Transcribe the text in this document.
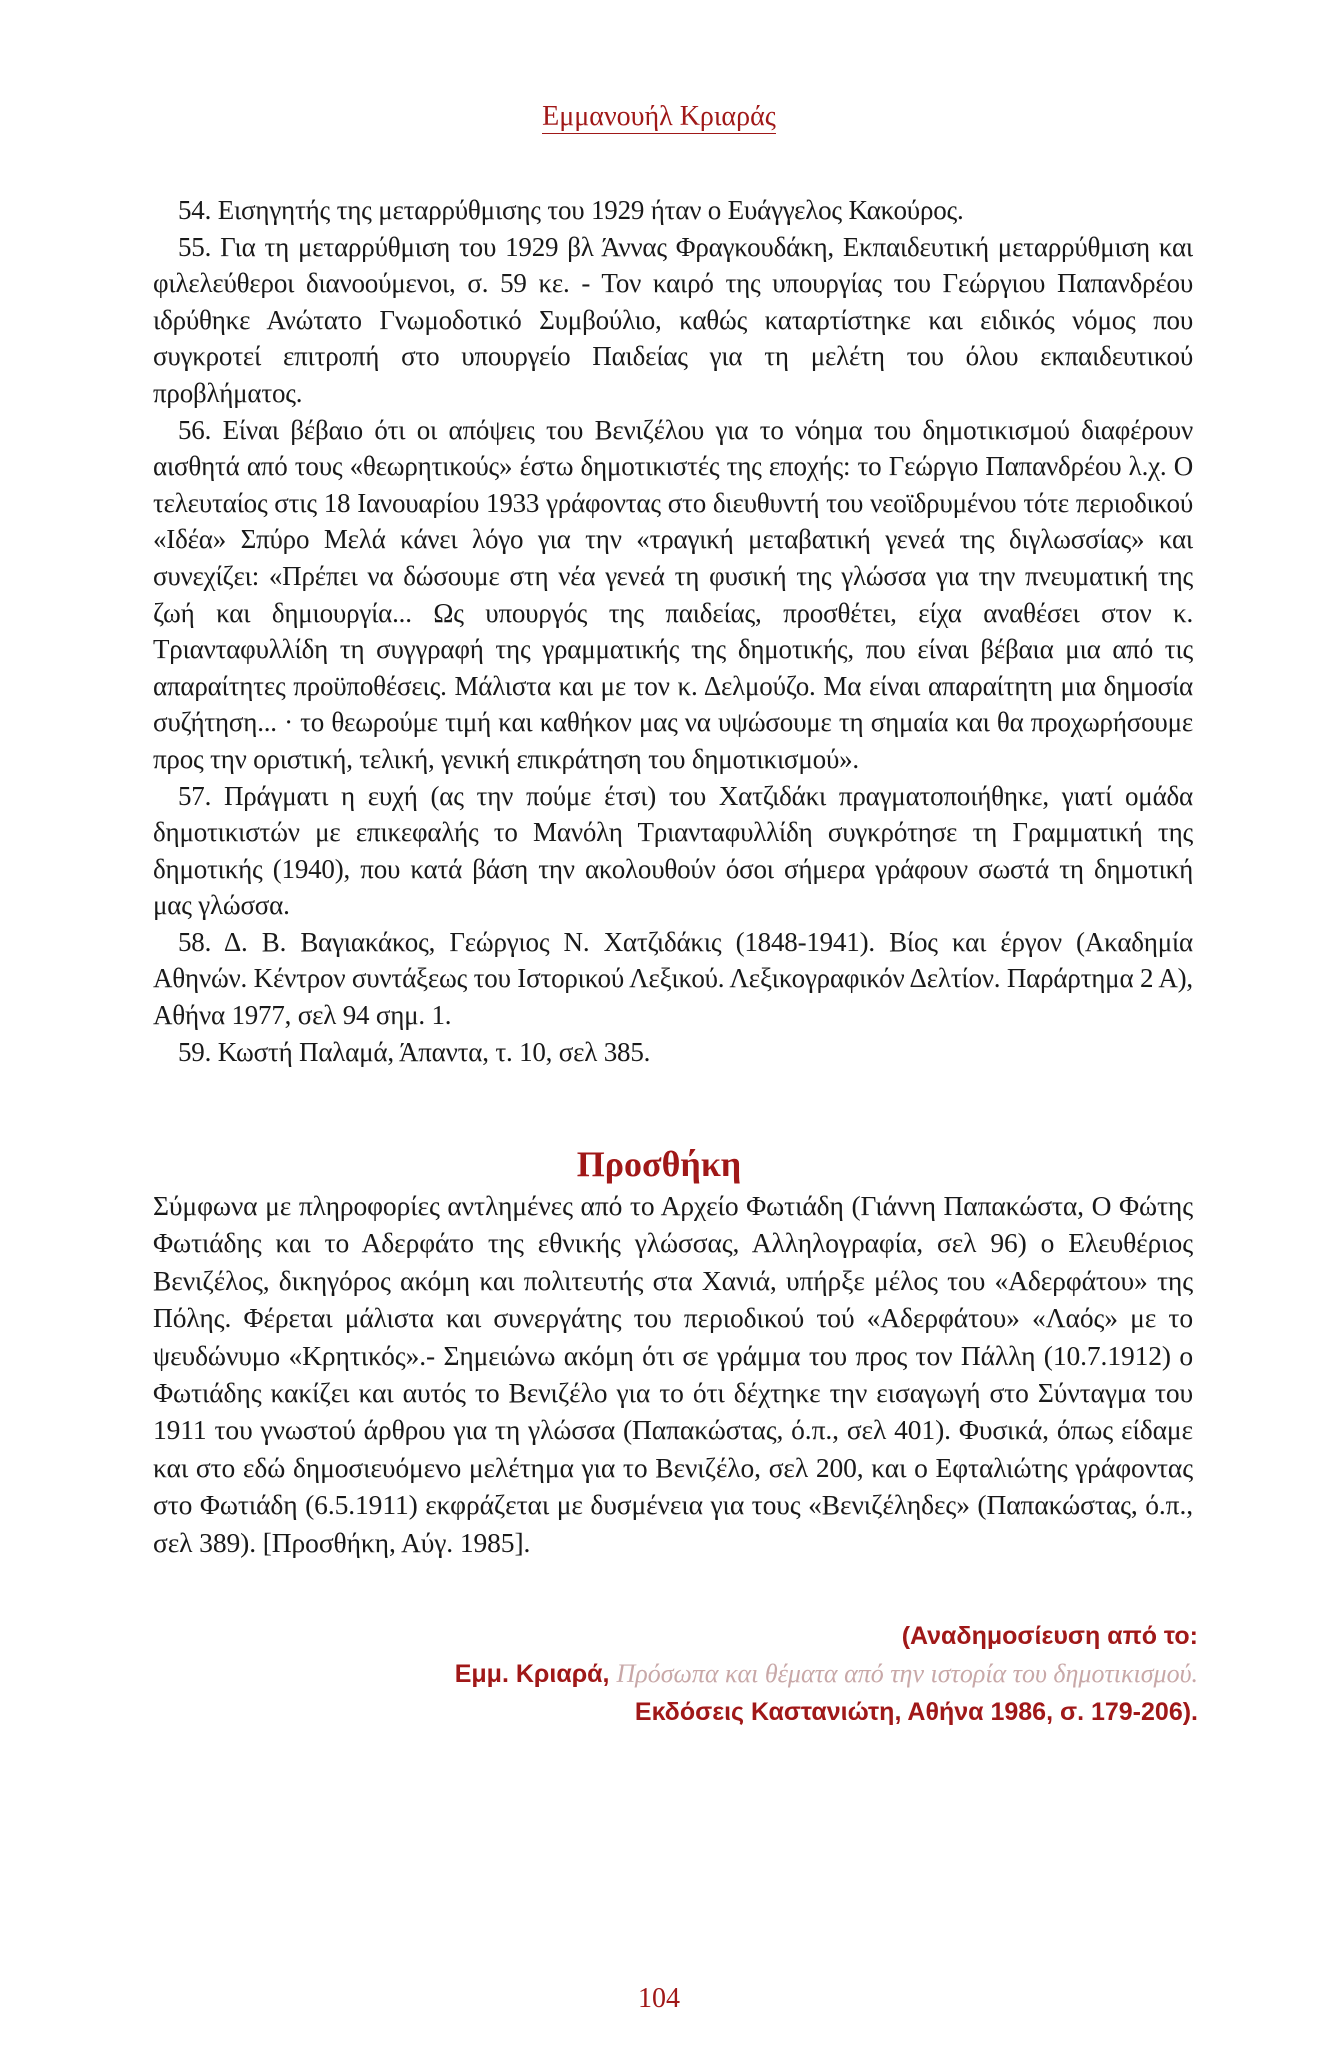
Εμμανουήλ Κριαράς

54. Εισηγητής της μεταρρύθμισης του 1929 ήταν ο Ευάγγελος Κακούρος.

55. Για τη μεταρρύθμιση του 1929 βλ Άννας Φραγκουδάκη, Εκπαιδευτική μεταρρύθμιση και φιλελεύθεροι διανοούμενοι, σ. 59 κε. - Τον καιρό της υπουργίας του Γεώργιου Παπανδρέου ιδρύθηκε Ανώτατο Γνωμοδοτικό Συμβούλιο, καθώς καταρτίστηκε και ειδικός νόμος που συγκροτεί επιτροπή στο υπουργείο Παιδείας για τη μελέτη του όλου εκπαιδευτικού προβλήματος.

56. Είναι βέβαιο ότι οι απόψεις του Βενιζέλου για το νόημα του δημοτικισμού διαφέρουν αισθητά από τους «θεωρητικούς» έστω δημοτικιστές της εποχής: το Γεώργιο Παπανδρέου λ.χ. Ο τελευταίος στις 18 Ιανουαρίου 1933 γράφοντας στο διευθυντή του νεοϊδρυμένου τότε περιοδικού «Ιδέα» Σπύρο Μελά κάνει λόγο για την «τραγική μεταβατική γενεά της διγλωσσίας» και συνεχίζει: «Πρέπει να δώσουμε στη νέα γενεά τη φυσική της γλώσσα για την πνευματική της ζωή και δημιουργία... Ως υπουργός της παιδείας, προσθέτει, είχα αναθέσει στον κ. Τριανταφυλλίδη τη συγγραφή της γραμματικής της δημοτικής, που είναι βέβαια μια από τις απαραίτητες προϋποθέσεις. Μάλιστα και με τον κ. Δελμούζο. Μα είναι απαραίτητη μια δημοσία συζήτηση... · το θεωρούμε τιμή και καθήκον μας να υψώσουμε τη σημαία και θα προχωρήσουμε προς την οριστική, τελική, γενική επικράτηση του δημοτικισμού».

57. Πράγματι η ευχή (ας την πούμε έτσι) του Χατζιδάκι πραγματοποιήθηκε, γιατί ομάδα δημοτικιστών με επικεφαλής το Μανόλη Τριανταφυλλίδη συγκρότησε τη Γραμματική της δημοτικής (1940), που κατά βάση την ακολουθούν όσοι σήμερα γράφουν σωστά τη δημοτική μας γλώσσα.

58. Δ. Β. Βαγιακάκος, Γεώργιος Ν. Χατζιδάκις (1848-1941). Βίος και έργον (Ακαδημία Αθηνών. Κέντρον συντάξεως του Ιστορικού Λεξικού. Λεξικογραφικόν Δελτίον. Παράρτημα 2 Α), Αθήνα 1977, σελ 94 σημ. 1.

59. Κωστή Παλαμά, Άπαντα, τ. 10, σελ 385.

Προσθήκη

Σύμφωνα με πληροφορίες αντλημένες από το Αρχείο Φωτιάδη (Γιάννη Παπακώστα, Ο Φώτης Φωτιάδης και το Αδερφάτο της εθνικής γλώσσας, Αλληλογραφία, σελ 96) ο Ελευθέριος Βενιζέλος, δικηγόρος ακόμη και πολιτευτής στα Χανιά, υπήρξε μέλος του «Αδερφάτου» της Πόλης. Φέρεται μάλιστα και συνεργάτης του περιοδικού τού «Αδερφάτου» «Λαός» με το ψευδώνυμο «Κρητικός».- Σημειώνω ακόμη ότι σε γράμμα του προς τον Πάλλη (10.7.1912) ο Φωτιάδης κακίζει και αυτός το Βενιζέλο για το ότι δέχτηκε την εισαγωγή στο Σύνταγμα του 1911 του γνωστού άρθρου για τη γλώσσα (Παπακώστας, ό.π., σελ 401). Φυσικά, όπως είδαμε και στο εδώ δημοσιευόμενο μελέτημα για το Βενιζέλο, σελ 200, και ο Εφταλιώτης γράφοντας στο Φωτιάδη (6.5.1911) εκφράζεται με δυσμένεια για τους «Βενιζέληδες» (Παπακώστας, ό.π., σελ 389). [Προσθήκη, Αύγ. 1985].

(Αναδημοσίευση από το:
Εμμ. Κριαρά, Πρόσωπα και θέματα από την ιστορία του δημοτικισμού.
Εκδόσεις Καστανιώτη, Αθήνα 1986, σ. 179-206).
104
